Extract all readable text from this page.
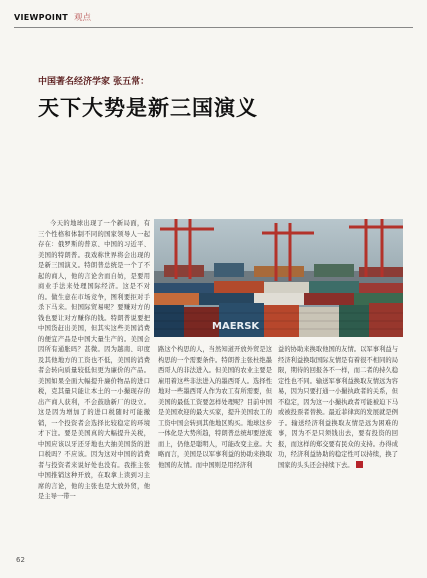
VIEWPOINT 观点
中国著名经济学家 张五常：
天下大势是新三国演义

今天的地球出现了一个新局面，有三个性格和体制不同的国家领导人一起存在：俄罗斯的普京、中国的习近平、美国的特朗普。我戏称世界将会出现的是新三国演义。特朗普总统是一个了不起的商人，他的言论舍而自妨，是要用商业手法来处理国际经济。这是不对的。做生意在市场竞争，图利要拒对手杀下马来。但国际贸易呢？要赚对方的钱也要让对方赚你的钱。特朗普说要把中国货赶出美国，但其实这些美国消费的便宜产品是中国大量生产的。美国会因所有通胀吗？甚微。因为越南、印度及其他地方的工资也不低，美国的消费者会转向质量较低但更为廉价的产品。美国如果全面大幅提升廉价物品的进口税，克其量只能让本土的一小撮现存的出产商人获利，不会鼓励新厂的设立。这是因为增加了的进口税随时可能撤销，一个投资者会选择比较稳定的环境才下注。要是美国真的大幅提升关税，中国应该以牙还牙地也大抽美国货的进口税吗？不应该。因为这对中国的消费者与投资者来说好处也没有。我推主张中国推销这种开放，在取拿上读到习主席的言论，他的主张也是大放外贸，他是主导一带一

MAERSK

路这个构思的人，当然知道开放外贸是这构思的一个需要条件。特朗普主张杜绝墨西哥人的非法进入。但美国的农业主要是雇用着这些非法进入的墨西哥人。选择性地对一些墨西哥人作为农工有所需要，但美国的最低工资要怎样处理呢？目前中国是美国欢迎的最大买家，提升美国农工的工资中国会转到其他地区购买。地球这步一体化是大势所趋，特朗普总统却要逆流而上，仍他是聪明人，可能改变主意。大略而言，美国是以军事利益的协助来换取他国的友情。而中国则是用经济利

益的协助来换取他国的友情。以军事利益与经济利益换取国际友情是有着很不相同的局限，期待的回报各不一样，而二者的持久稳定性也不同。输送军事利益换取友情远为容易，因为只要打通一小撮执政者的关系，但不稳定，因为这一小撮执政者可能被迫下马或被投票者替换。最近菲律宾的发展就是例子。输送经济利益换取友情是远为困难的事，因为不是只须钱出去，要有投资的回报，而这样的郑交要有民众的支持。办得成功，经济利益协助的稳定性可以持续，换了国家的头头还会持续下去。

62
